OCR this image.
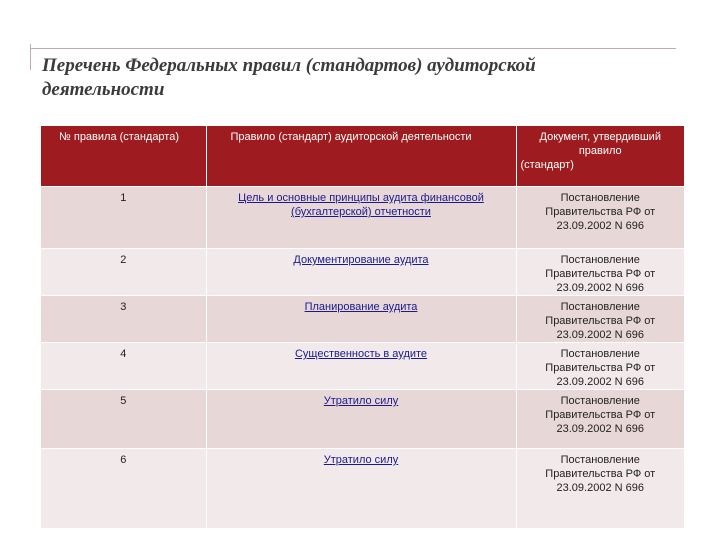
Перечень Федеральных правил (стандартов) аудиторской деятельности
№ правила (стандарта)	Правило (стандарт) аудиторской деятельности	Документ, утвердивший правило
(стандарт)

1	Цель и основные принципы аудита финансовой (бухгалтерской) отчетности	Постановление Правительства РФ от 23.09.2002 N 696
2	Документирование аудита	Постановление Правительства РФ от 23.09.2002 N 696
3	Планирование аудита	Постановление Правительства РФ от 23.09.2002 N 696
4	Существенность в аудите	Постановление Правительства РФ от 23.09.2002 N 696
5	Утратило силу	Постановление Правительства РФ от 23.09.2002 N 696
6	Утратило силу	Постановление Правительства РФ от 23.09.2002 N 696
